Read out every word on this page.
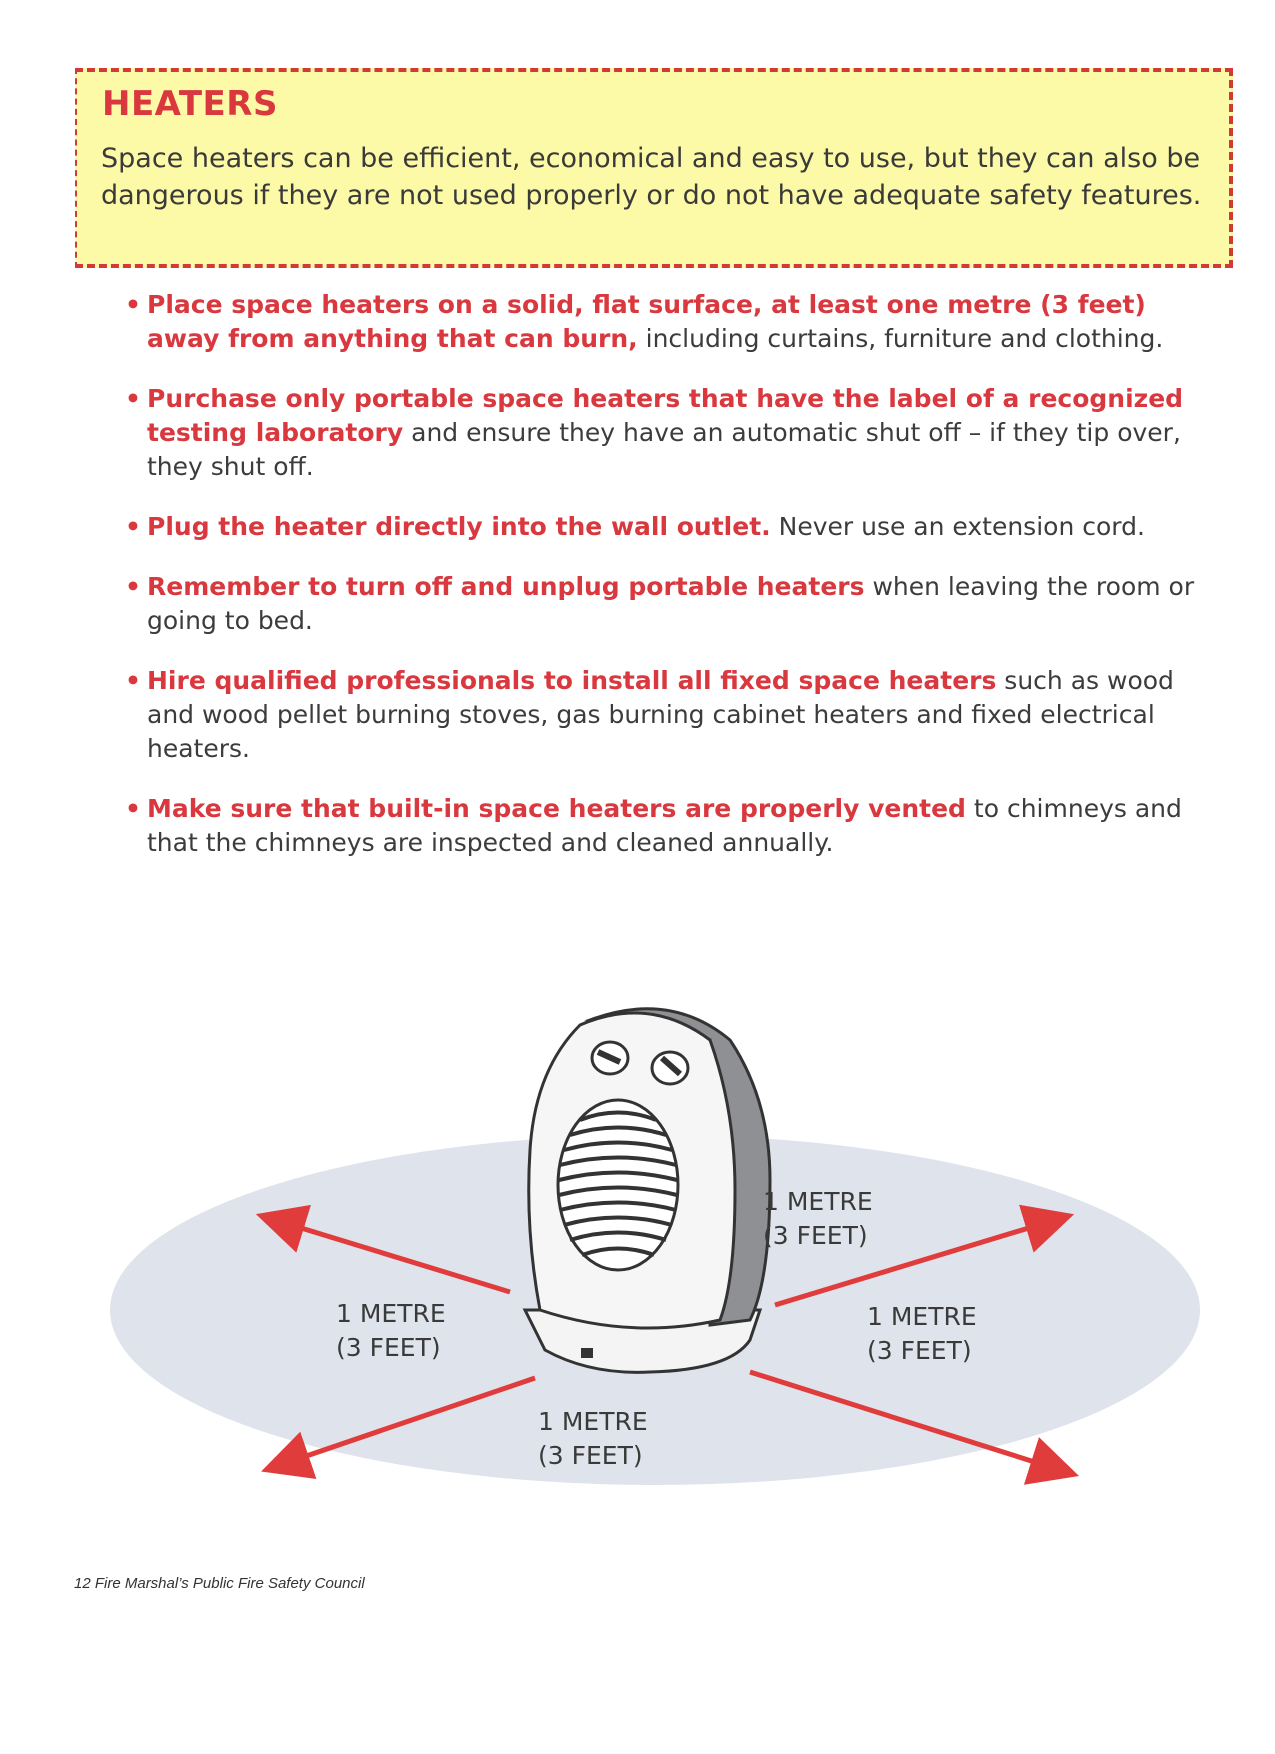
HEATERS

Space heaters can be efficient, economical and easy to use, but they can also be dangerous if they are not used properly or do not have adequate safety features.

• Place space heaters on a solid, flat surface, at least one metre (3 feet) away from anything that can burn, including curtains, furniture and clothing.
• Purchase only portable space heaters that have the label of a recognized testing laboratory and ensure they have an automatic shut off – if they tip over, they shut off.
• Plug the heater directly into the wall outlet. Never use an extension cord.
• Remember to turn off and unplug portable heaters when leaving the room or going to bed.
• Hire qualified professionals to install all fixed space heaters such as wood and wood pellet burning stoves, gas burning cabinet heaters and fixed electrical heaters.
• Make sure that built-in space heaters are properly vented to chimneys and that the chimneys are inspected and cleaned annually.
1 METRE
(3 FEET)
1 METRE
(3 FEET)
1 METRE
(3 FEET)
1 METRE
(3 FEET)
12 Fire Marshal’s Public Fire Safety Council
